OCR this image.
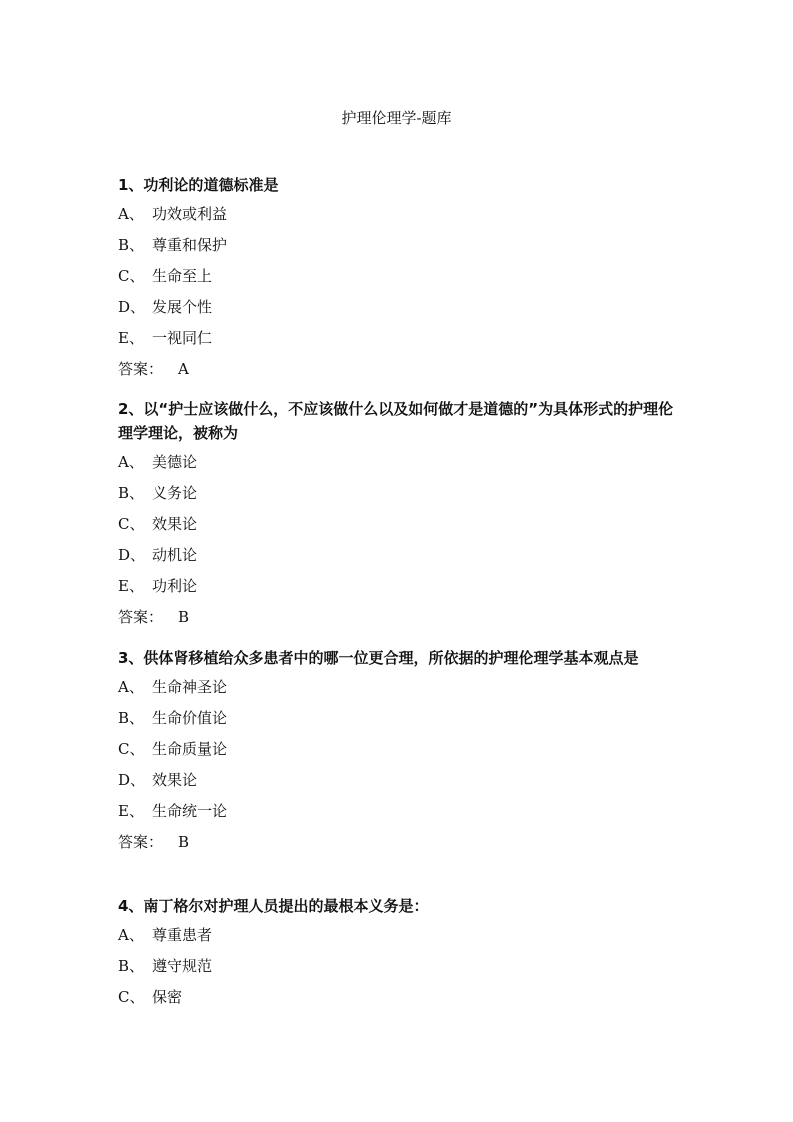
护理伦理学-题库
1、功利论的道德标准是
A、 功效或利益
B、 尊重和保护
C、 生命至上
D、 发展个性
E、 一视同仁
答案： A
2、以“护士应该做什么，不应该做什么以及如何做才是道德的”为具体形式的护理伦理学理论，被称为
A、 美德论
B、 义务论
C、 效果论
D、 动机论
E、 功利论
答案： B
3、供体肾移植给众多患者中的哪一位更合理，所依据的护理伦理学基本观点是
A、 生命神圣论
B、 生命价值论
C、 生命质量论
D、 效果论
E、 生命统一论
答案： B
4、南丁格尔对护理人员提出的最根本义务是：
A、 尊重患者
B、 遵守规范
C、 保密
